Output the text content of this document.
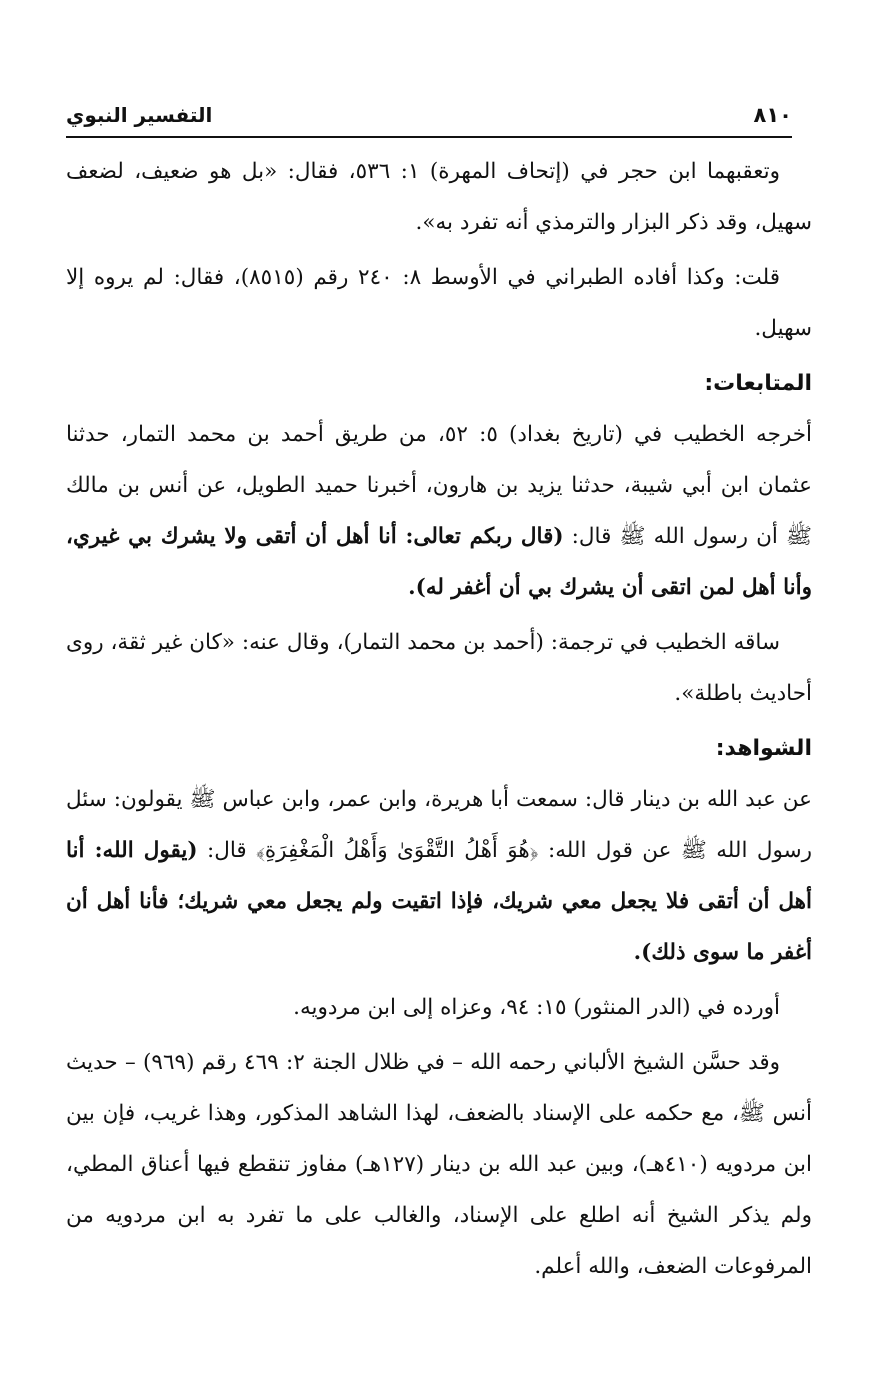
٨١٠
التفسير النبوي

وتعقبهما ابن حجر في (إتحاف المهرة) ١: ٥٣٦، فقال: «بل هو ضعيف، لضعف سهيل، وقد ذكر البزار والترمذي أنه تفرد به».

قلت: وكذا أفاده الطبراني في الأوسط ٨: ٢٤٠ رقم (٨٥١٥)، فقال: لم يروه إلا سهيل.

المتابعات:

أخرجه الخطيب في (تاريخ بغداد) ٥: ٥٢، من طريق أحمد بن محمد التمار، حدثنا عثمان ابن أبي شيبة، حدثنا يزيد بن هارون، أخبرنا حميد الطويل، عن أنس بن مالك ﷺ أن رسول الله ﷺ قال: (قال ربكم تعالى: أنا أهل أن أتقى ولا يشرك بي غيري، وأنا أهل لمن اتقى أن يشرك بي أن أغفر له).

ساقه الخطيب في ترجمة: (أحمد بن محمد التمار)، وقال عنه: «كان غير ثقة، روى أحاديث باطلة».

الشواهد:

عن عبد الله بن دينار قال: سمعت أبا هريرة، وابن عمر، وابن عباس ﷺ يقولون: سئل رسول الله ﷺ عن قول الله: ﴿هُوَ أَهْلُ التَّقْوَىٰ وَأَهْلُ الْمَغْفِرَةِ﴾ قال: (يقول الله: أنا أهل أن أتقى فلا يجعل معي شريك، فإذا اتقيت ولم يجعل معي شريك؛ فأنا أهل أن أغفر ما سوى ذلك).

أورده في (الدر المنثور) ١٥: ٩٤، وعزاه إلى ابن مردويه.

وقد حسَّن الشيخ الألباني رحمه الله – في ظلال الجنة ٢: ٤٦٩ رقم (٩٦٩) – حديث أنس ﷺ، مع حكمه على الإسناد بالضعف، لهذا الشاهد المذكور، وهذا غريب، فإن بين ابن مردويه (٤١٠هـ)، وبين عبد الله بن دينار (١٢٧هـ) مفاوز تنقطع فيها أعناق المطي، ولم يذكر الشيخ أنه اطلع على الإسناد، والغالب على ما تفرد به ابن مردويه من المرفوعات الضعف، والله أعلم.
